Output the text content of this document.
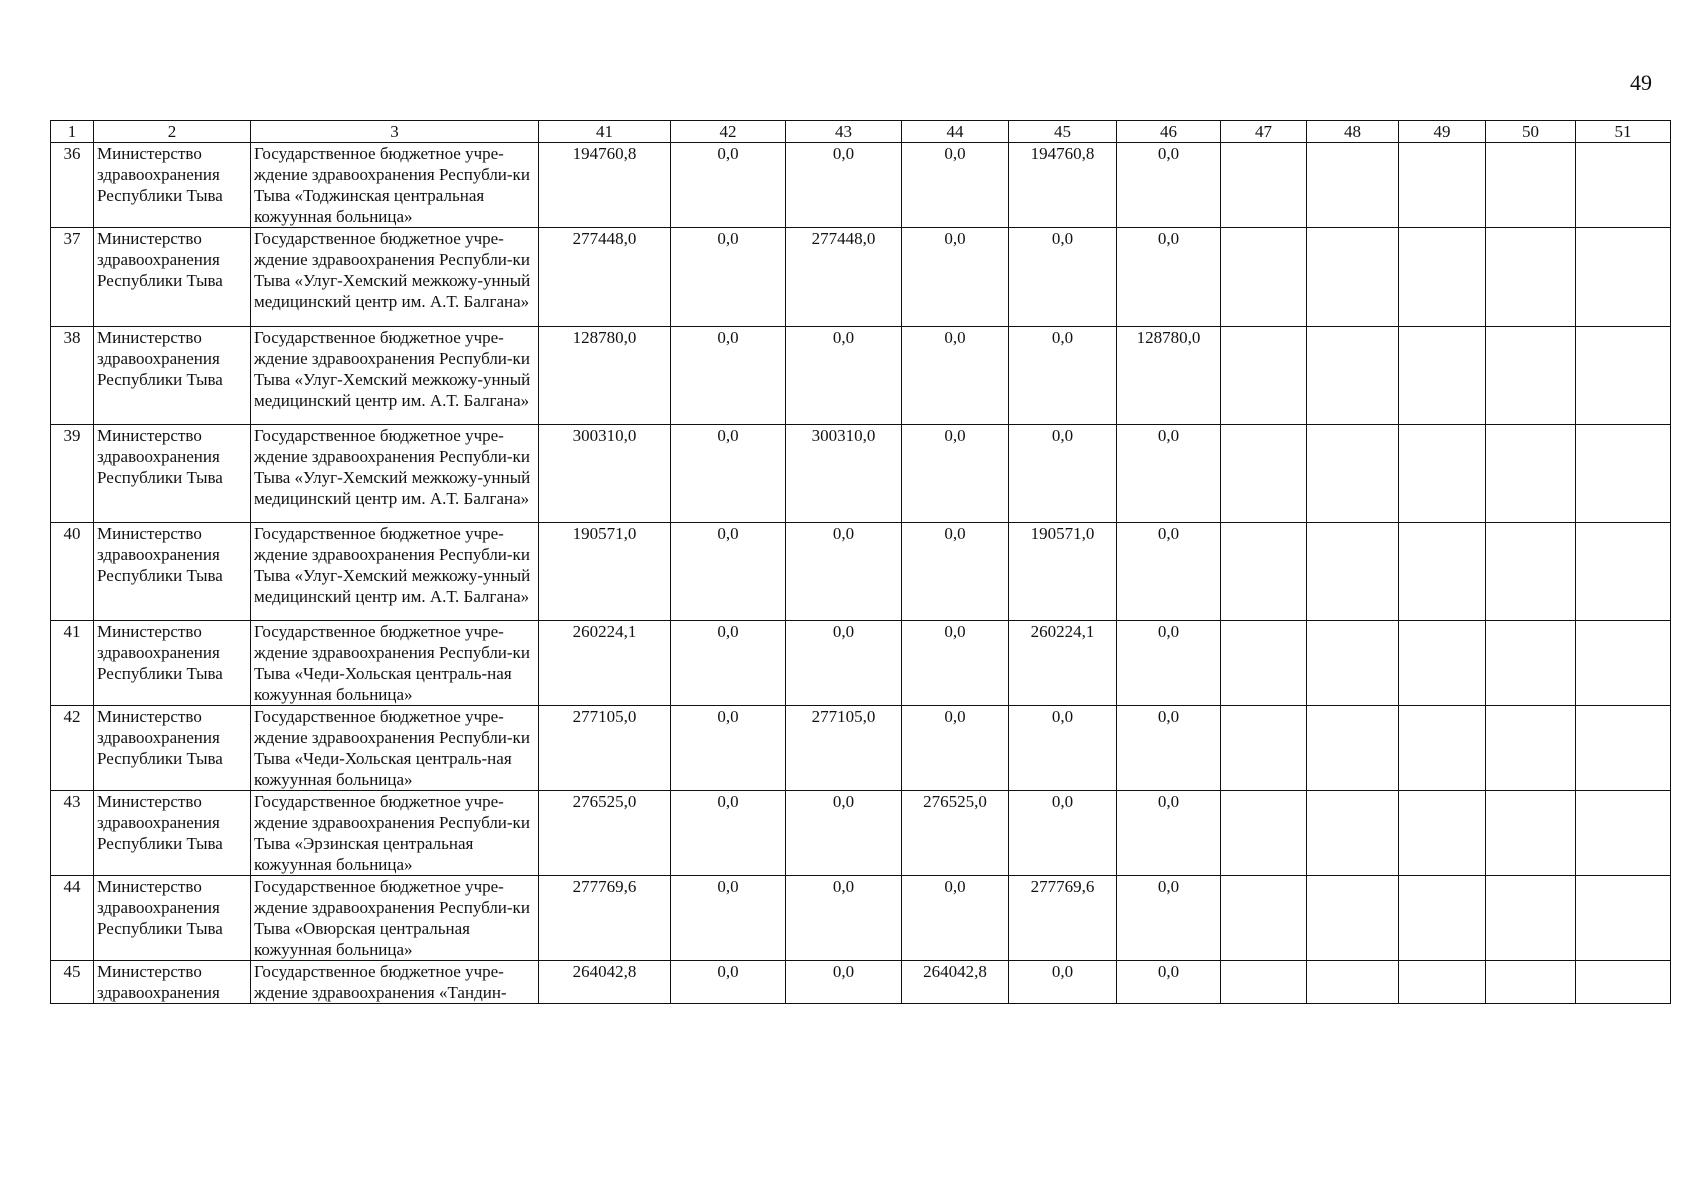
49
1	2	3	41	42	43	44	45	46	47	48	49	50	51
36	Министерство здравоохранения Республики Тыва	Государственное бюджетное учре-ждение здравоохранения Республи-ки Тыва «Тоджинская центральная кожуунная больница»	194760,8	0,0	0,0	0,0	194760,8	0,0					
37	Министерство здравоохранения Республики Тыва	Государственное бюджетное учре-ждение здравоохранения Республи-ки Тыва «Улуг-Хемский межкожу-унный медицинский центр им. А.Т. Балгана»	277448,0	0,0	277448,0	0,0	0,0	0,0					
38	Министерство здравоохранения Республики Тыва	Государственное бюджетное учре-ждение здравоохранения Республи-ки Тыва «Улуг-Хемский межкожу-унный медицинский центр им. А.Т. Балгана»	128780,0	0,0	0,0	0,0	0,0	128780,0					
39	Министерство здравоохранения Республики Тыва	Государственное бюджетное учре-ждение здравоохранения Республи-ки Тыва «Улуг-Хемский межкожу-унный медицинский центр им. А.Т. Балгана»	300310,0	0,0	300310,0	0,0	0,0	0,0					
40	Министерство здравоохранения Республики Тыва	Государственное бюджетное учре-ждение здравоохранения Республи-ки Тыва «Улуг-Хемский межкожу-унный медицинский центр им. А.Т. Балгана»	190571,0	0,0	0,0	0,0	190571,0	0,0					
41	Министерство здравоохранения Республики Тыва	Государственное бюджетное учре-ждение здравоохранения Республи-ки Тыва «Чеди-Хольская централь-ная кожуунная больница»	260224,1	0,0	0,0	0,0	260224,1	0,0					
42	Министерство здравоохранения Республики Тыва	Государственное бюджетное учре-ждение здравоохранения Республи-ки Тыва «Чеди-Хольская централь-ная кожуунная больница»	277105,0	0,0	277105,0	0,0	0,0	0,0					
43	Министерство здравоохранения Республики Тыва	Государственное бюджетное учре-ждение здравоохранения Республи-ки Тыва «Эрзинская центральная кожуунная больница»	276525,0	0,0	0,0	276525,0	0,0	0,0					
44	Министерство здравоохранения Республики Тыва	Государственное бюджетное учре-ждение здравоохранения Республи-ки Тыва «Овюрская центральная кожуунная больница»	277769,6	0,0	0,0	0,0	277769,6	0,0					
45	Министерство здравоохранения	Государственное бюджетное учре-ждение здравоохранения «Тандин-	264042,8	0,0	0,0	264042,8	0,0	0,0					
